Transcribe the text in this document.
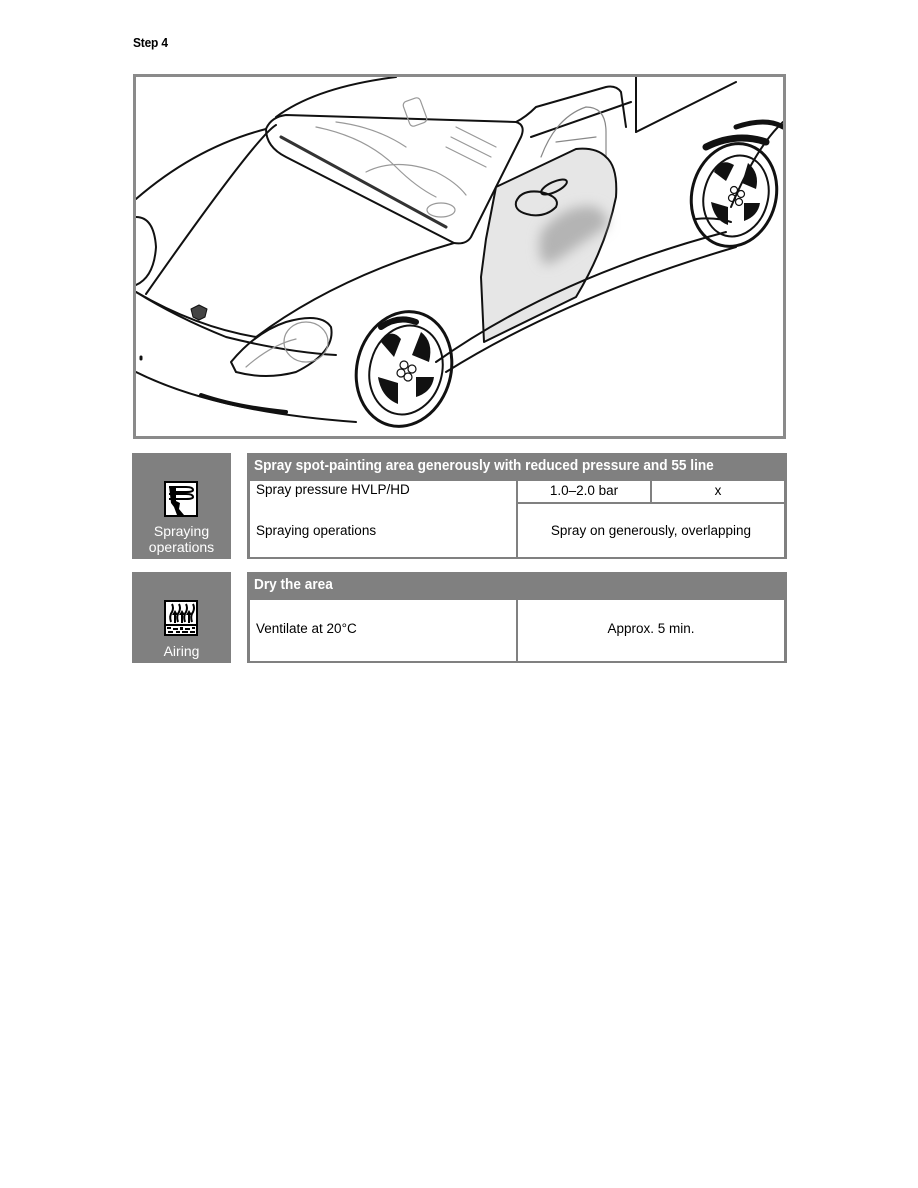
Step 4
Spraying
operations
Spray spot-painting area generously with reduced pressure and 55 line
Spray pressure HVLP/HD
Spraying operations
1.0–2.0 bar	x
Spray on generously, overlapping
Airing
Dry the area
Ventilate at 20°C	Approx. 5 min.
